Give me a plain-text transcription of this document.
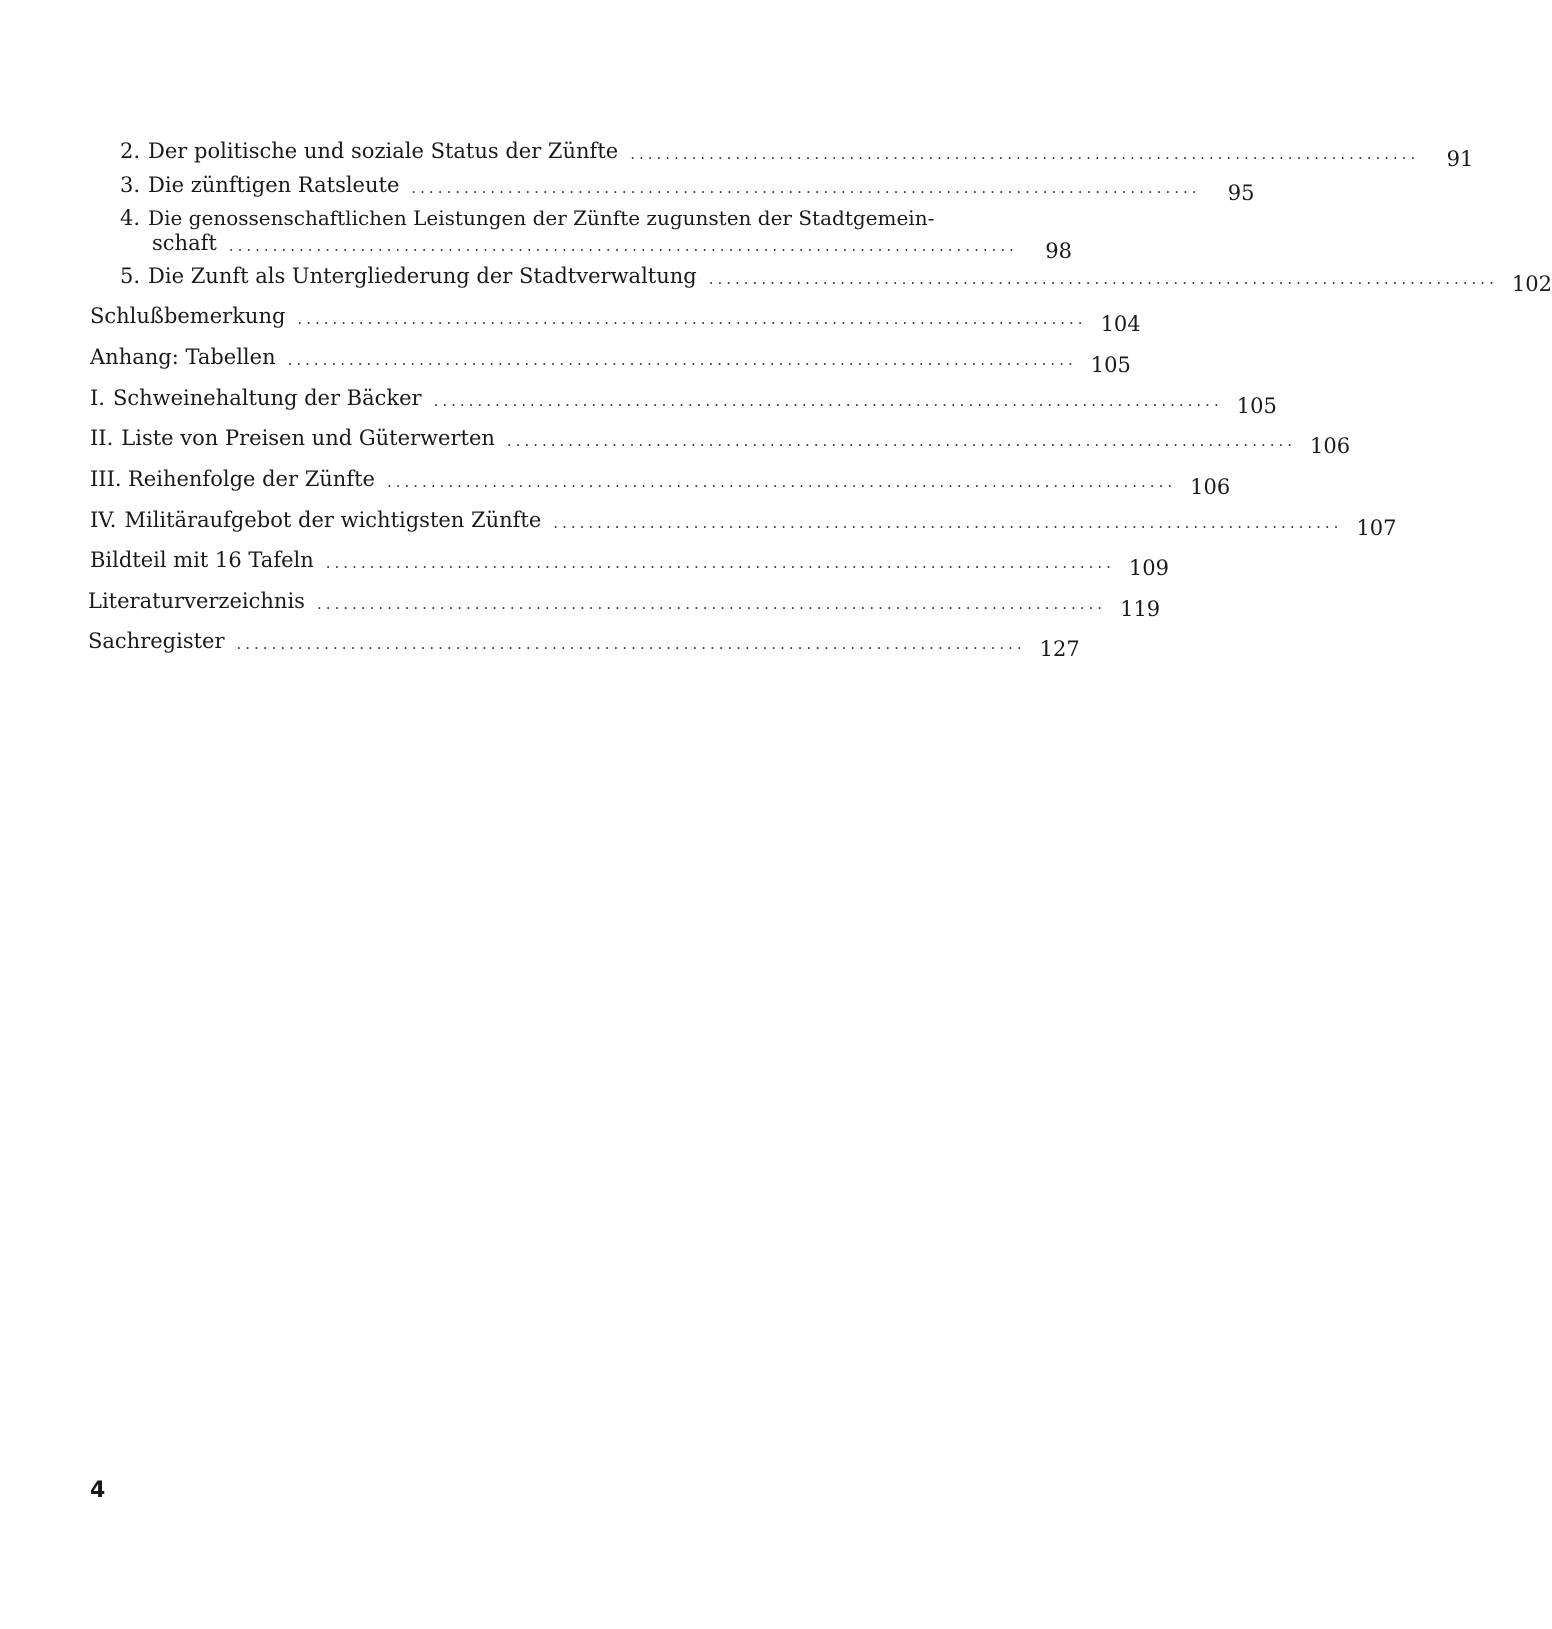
2. Der politische und soziale Status der Zünfte ..........................................................................................	91
3. Die zünftigen Ratsleute ..........................................................................................	95
4. Die genossenschaftlichen Leistungen der Zünfte zugunsten der Stadtgemein-
schaft ..........................................................................................	98
5. Die Zunft als Untergliederung der Stadtverwaltung .......................................................................................... 102
Schlußbemerkung .......................................................................................... 104
Anhang: Tabellen .......................................................................................... 105
I. Schweinehaltung der Bäcker .......................................................................................... 105
II. Liste von Preisen und Güterwerten .......................................................................................... 106
III. Reihenfolge der Zünfte .......................................................................................... 106
IV. Militäraufgebot der wichtigsten Zünfte .......................................................................................... 107
Bildteil mit 16 Tafeln .......................................................................................... 109
Literaturverzeichnis .......................................................................................... 119
Sachregister .......................................................................................... 127
4
